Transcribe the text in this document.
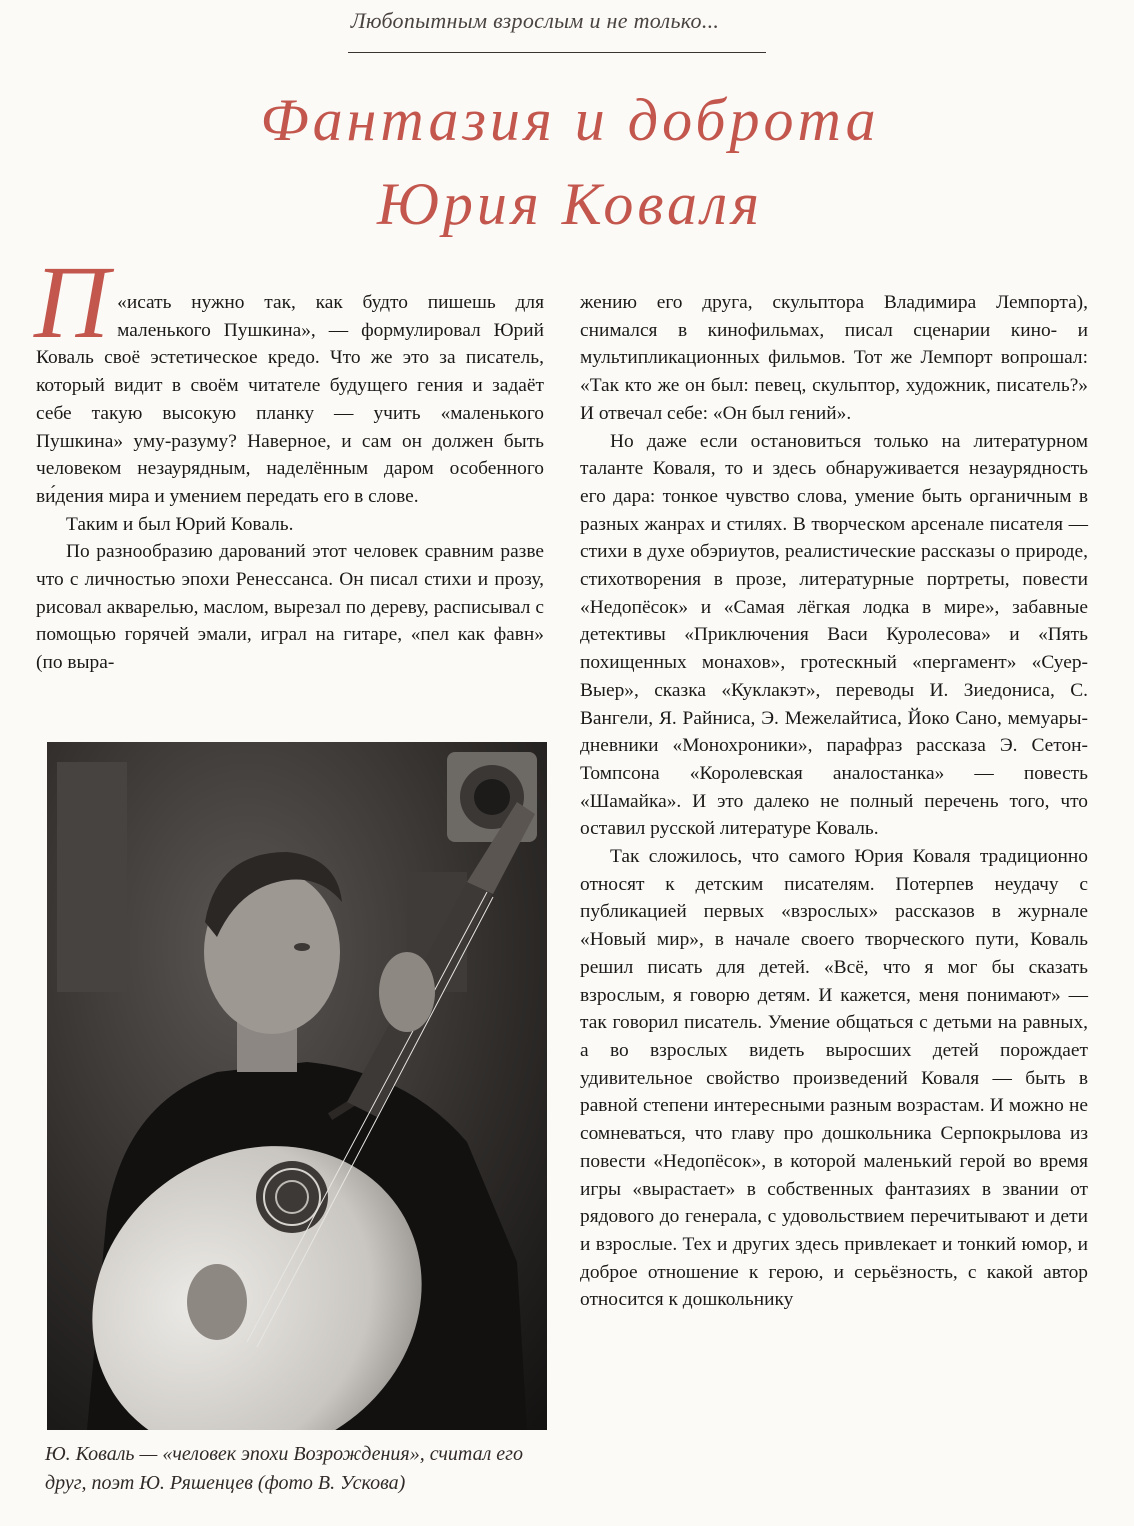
Любопытным взрослым и не только...
Фантазия и доброта
Юрия Коваля

П «исать нужно так, как будто пишешь для маленького Пушкина», — формулировал Юрий Коваль своё эстетическое кредо. Что же это за писатель, который видит в своём читателе будущего гения и задаёт себе такую высокую планку — учить «маленького Пушкина» уму-разуму? Наверное, и сам он должен быть человеком незаурядным, наделённым даром особенного ви́дения мира и умением передать его в слове.

Таким и был Юрий Коваль.

По разнообразию дарований этот человек сравним разве что с личностью эпохи Ренессанса. Он писал стихи и прозу, рисовал акварелью, маслом, вырезал по дереву, расписывал с помощью горячей эмали, играл на гитаре, «пел как фавн» (по выра-

Ю. Коваль — «человек эпохи Возрождения», считал его друг, поэт Ю. Ряшенцев (фото В. Ускова)

жению его друга, скульптора Владимира Лемпорта), снимался в кинофильмах, писал сценарии кино- и мультипликационных фильмов. Тот же Лемпорт вопрошал: «Так кто же он был: певец, скульптор, художник, писатель?» И отвечал себе: «Он был гений».

Но даже если остановиться только на литературном таланте Коваля, то и здесь обнаруживается незаурядность его дара: тонкое чувство слова, умение быть органичным в разных жанрах и стилях. В творческом арсенале писателя — стихи в духе обэриутов, реалистические рассказы о природе, стихотворения в прозе, литературные портреты, повести «Недопёсок» и «Самая лёгкая лодка в мире», забавные детективы «Приключения Васи Куролесова» и «Пять похищенных монахов», гротескный «пергамент» «Суер-Выер», сказка «Куклакэт», переводы И. Зиедониса, С. Вангели, Я. Райниса, Э. Межелайтиса, Йоко Сано, мемуары-дневники «Монохроники», парафраз рассказа Э. Сетон-Томпсона «Королевская аналостанка» — повесть «Шамайка». И это далеко не полный перечень того, что оставил русской литературе Коваль.

Так сложилось, что самого Юрия Коваля традиционно относят к детским писателям. Потерпев неудачу с публикацией первых «взрослых» рассказов в журнале «Новый мир», в начале своего творческого пути, Коваль решил писать для детей. «Всё, что я мог бы сказать взрослым, я говорю детям. И кажется, меня понимают» — так говорил писатель. Умение общаться с детьми на равных, а во взрослых видеть выросших детей порождает удивительное свойство произведений Коваля — быть в равной степени интересными разным возрастам. И можно не сомневаться, что главу про дошкольника Серпокрылова из повести «Недопёсок», в которой маленький герой во время игры «вырастает» в собственных фантазиях в звании от рядового до генерала, с удовольствием перечитывают и дети и взрослые. Тех и других здесь привлекает и тонкий юмор, и доброе отношение к герою, и серьёзность, с какой автор относится к дошкольнику
